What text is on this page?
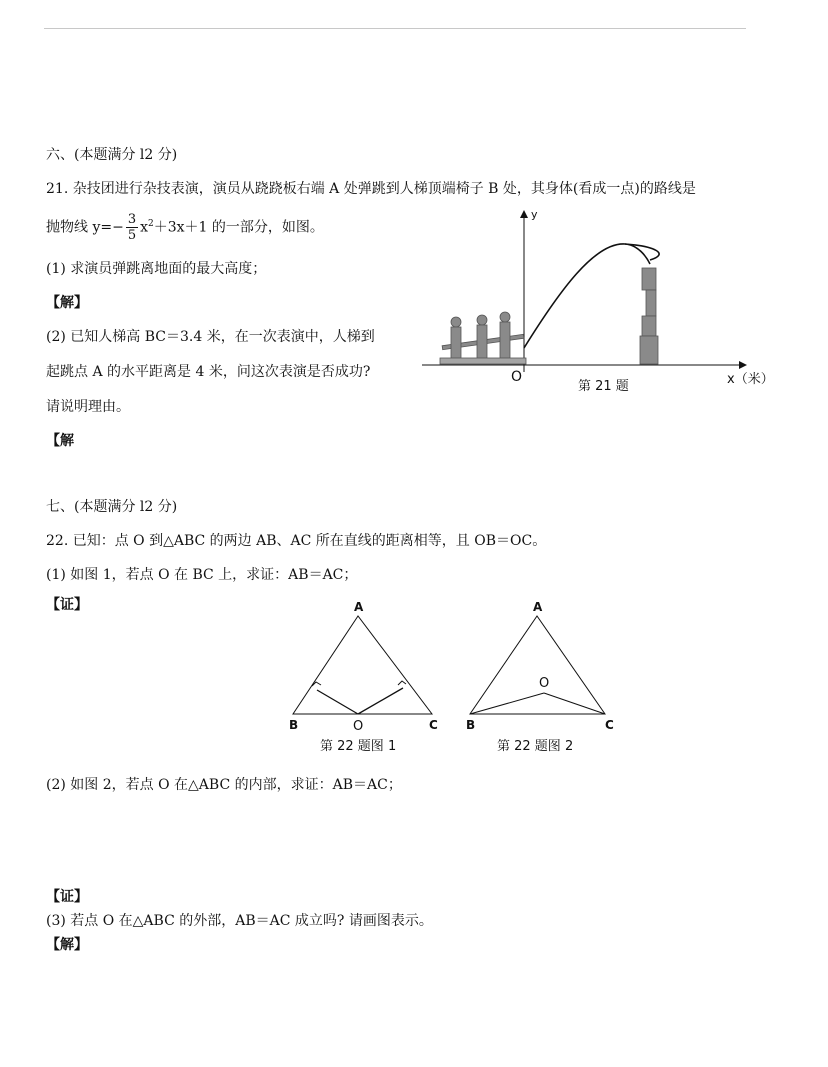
六、(本题满分 l2 分)
21. 杂技团进行杂技表演，演员从跷跷板右端 A 处弹跳到人梯顶端椅子 B 处，其身体(看成一点)的路线是
抛物线 $y=- \frac{3}{5} x^2+3x+1$ 的一部分，如图。
(1) 求演员弹跳离地面的最大高度；
【解】
(2) 已知人梯高 BC＝3.4 米，在一次表演中，人梯到
起跳点 A 的水平距离是 4 米，问这次表演是否成功?
请说明理由。
【解
y
x（米）
O
第 21 题
七、(本题满分 l2 分)
22. 已知：点 O 到△ABC 的两边 AB、AC 所在直线的距离相等，且 OB＝OC。
(1) 如图 1，若点 O 在 BC 上，求证：AB＝AC；
【证】	A
B	C
O
第 22 题图 1
A
B	C
O
第 22 题图 2
(2) 如图 2，若点 O 在△ABC 的内部，求证：AB＝AC；
【证】
(3) 若点 O 在△ABC 的外部，AB＝AC 成立吗? 请画图表示。
【解】
